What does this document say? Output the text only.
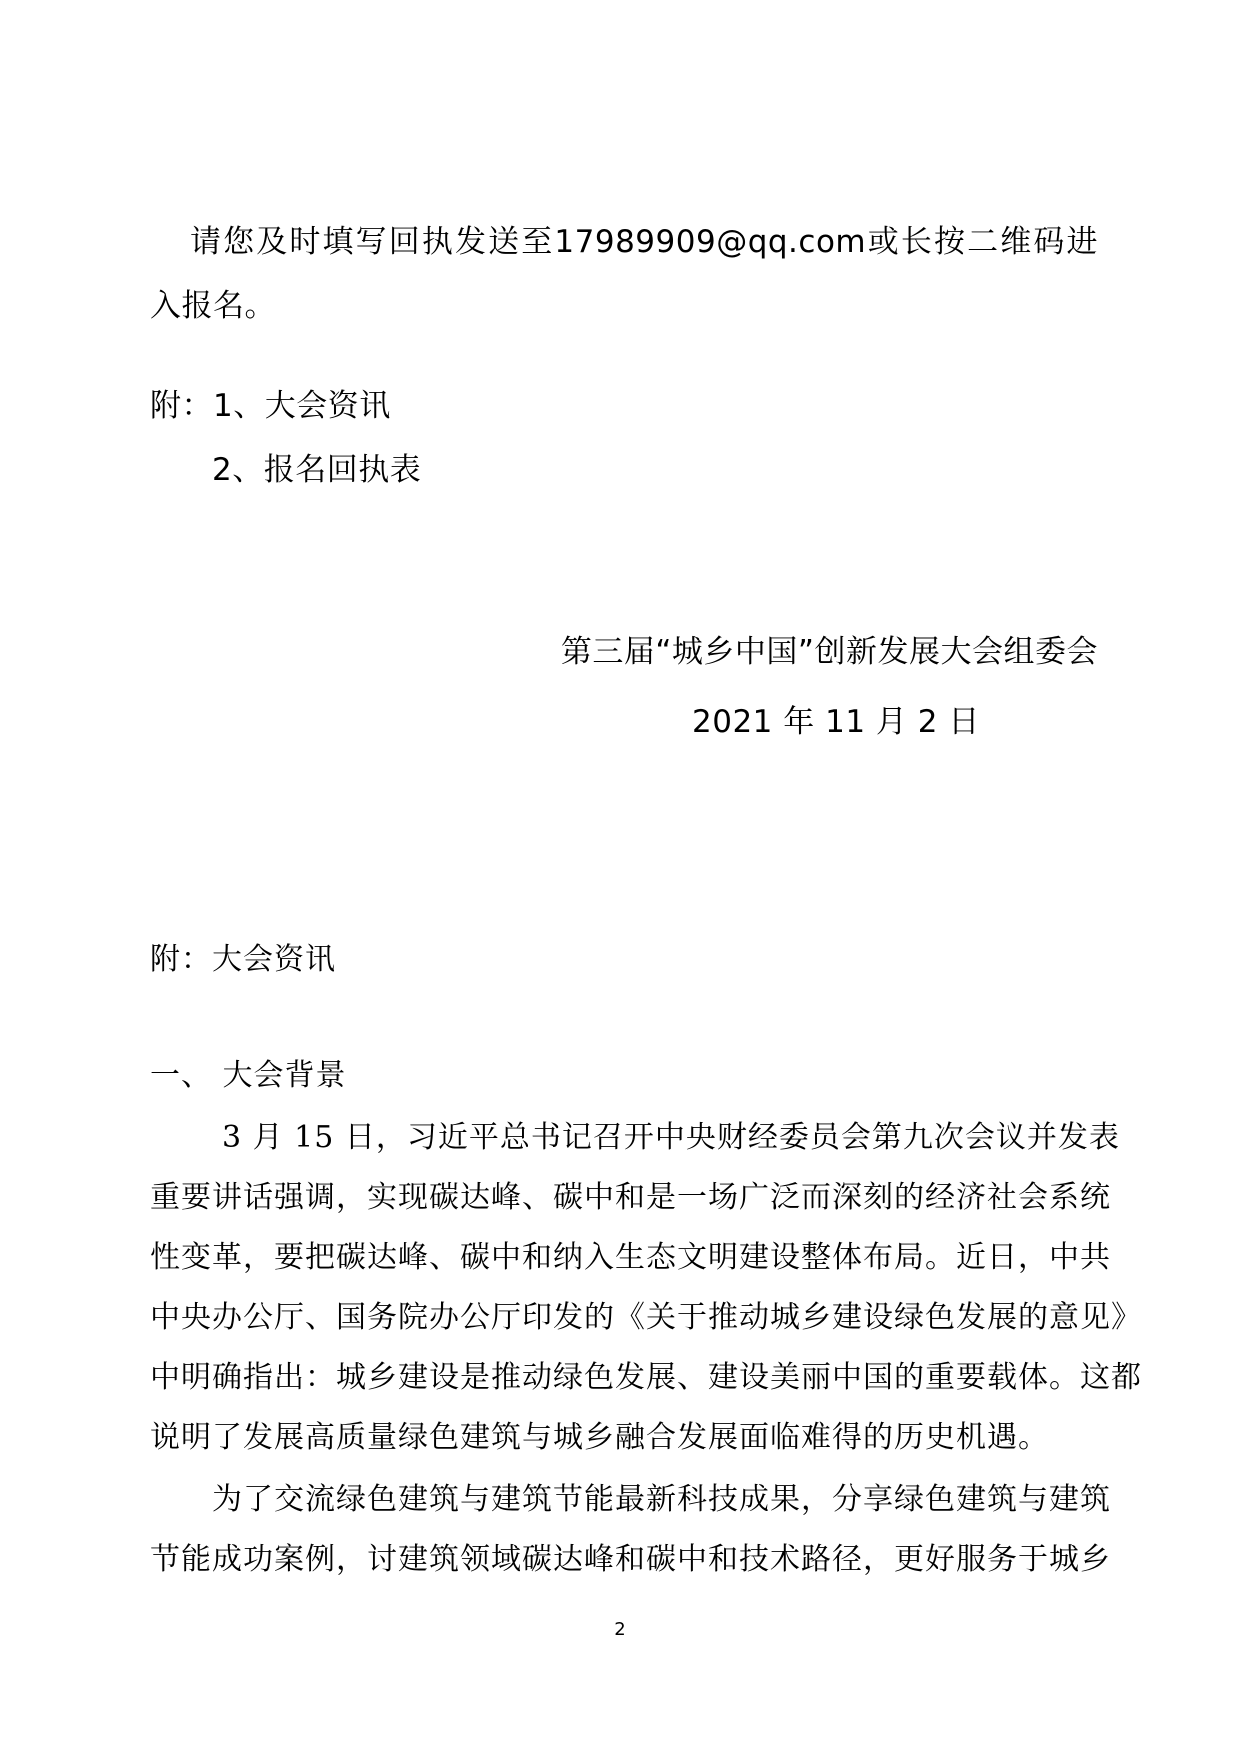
请您及时填写回执发送至17989909@qq.com或长按二维码进
入报名。
附：1、大会资讯
2、报名回执表
第三届“城乡中国”创新发展大会组委会
2021 年 11 月 2 日
附：大会资讯
一、 大会背景
3 月 15 日，习近平总书记召开中央财经委员会第九次会议并发表
重要讲话强调，实现碳达峰、碳中和是一场广泛而深刻的经济社会系统
性变革，要把碳达峰、碳中和纳入生态文明建设整体布局。近日，中共
中央办公厅、国务院办公厅印发的《关于推动城乡建设绿色发展的意见》
中明确指出：城乡建设是推动绿色发展、建设美丽中国的重要载体。这都
说明了发展高质量绿色建筑与城乡融合发展面临难得的历史机遇。
为了交流绿色建筑与建筑节能最新科技成果，分享绿色建筑与建筑
节能成功案例，讨建筑领域碳达峰和碳中和技术路径，更好服务于城乡
2
